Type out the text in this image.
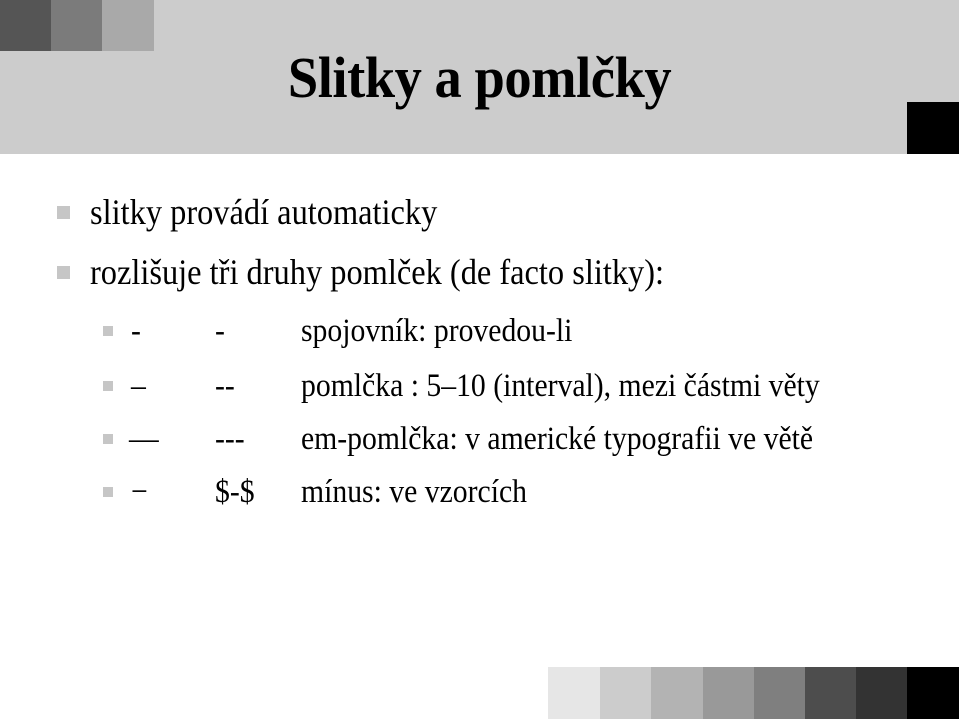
Slitky a pomlčky
slitky provádí automaticky
rozlišuje tři druhy pomlček (de facto slitky):
- - spojovník: provedou-li
– -- pomlčka : 5–10 (interval), mezi částmi věty
— --- em-pomlčka: v americké typografii ve větě
− $-$ mínus: ve vzorcích
